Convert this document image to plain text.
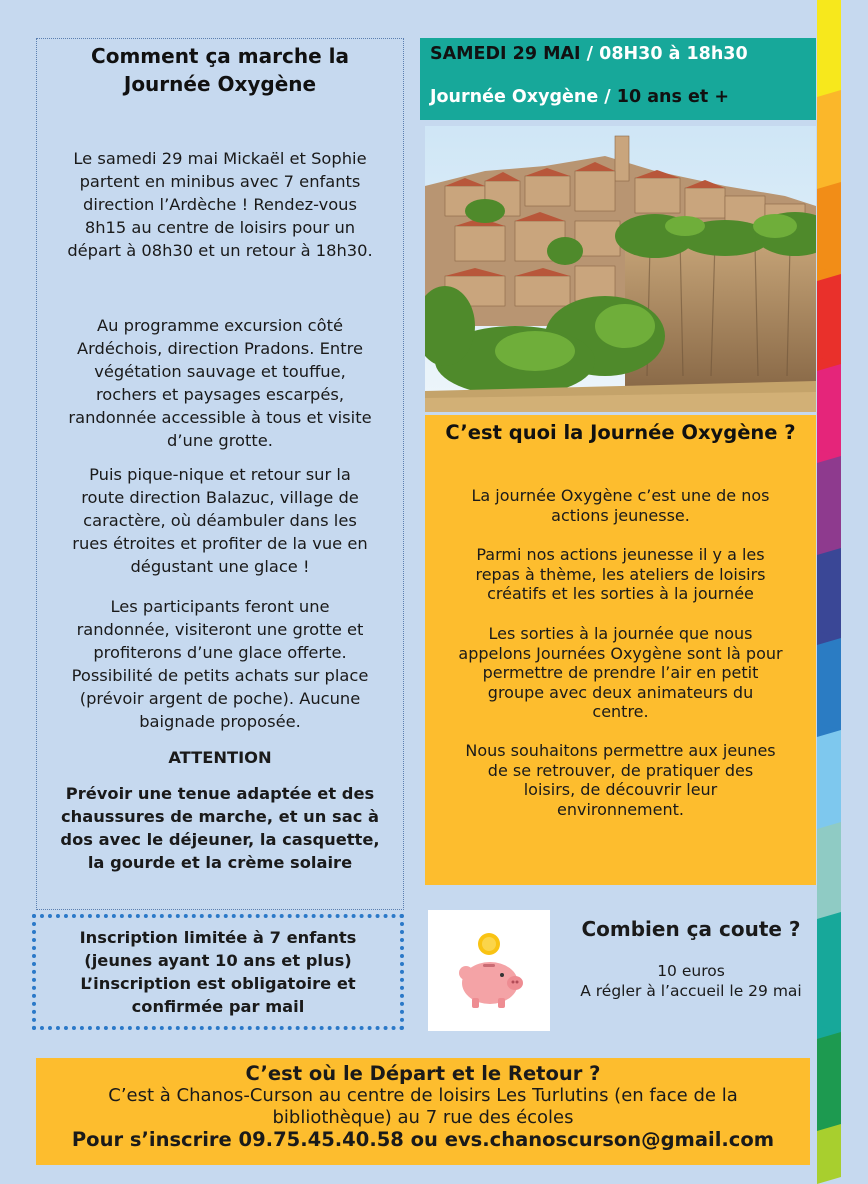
Comment ça marche la
Journée Oxygène
Le samedi 29 mai Mickaël et Sophie
partent en minibus avec 7 enfants
direction l’Ardèche ! Rendez-vous
8h15 au centre de loisirs pour un
départ à 08h30 et un retour à 18h30.
Au programme excursion côté
Ardéchois, direction Pradons. Entre
végétation sauvage et touffue,
rochers et paysages escarpés,
randonnée accessible à tous et visite
d’une grotte.
Puis pique-nique et retour sur la
route direction Balazuc, village de
caractère, où déambuler dans les
rues étroites et profiter de la vue en
dégustant une glace !
Les participants feront une
randonnée, visiteront une grotte et
profiterons d’une glace offerte.
Possibilité de petits achats sur place
(prévoir argent de poche). Aucune
baignade proposée.
ATTENTION
Prévoir une tenue adaptée et des
chaussures de marche, et un sac à
dos avec le déjeuner, la casquette,
la gourde et la crème solaire
Inscription limitée à 7 enfants
(jeunes ayant 10 ans et plus)
L’inscription est obligatoire et
confirmée par mail
SAMEDI 29 MAI / 08H30 à 18h30
Journée Oxygène / 10 ans et +
C’est quoi la Journée Oxygène ?
La journée Oxygène c’est une de nos
actions jeunesse.
Parmi nos actions jeunesse il y a les
repas à thème, les ateliers de loisirs
créatifs et les sorties à la journée
Les sorties à la journée que nous
appelons Journées Oxygène sont là pour
permettre de prendre l’air en petit
groupe avec deux animateurs du
centre.
Nous souhaitons permettre aux jeunes
de se retrouver, de pratiquer des
loisirs, de découvrir leur
environnement.
Combien ça coute ?
10 euros
A régler à l’accueil le 29 mai
C’est où le Départ et le Retour ?
C’est à Chanos-Curson au centre de loisirs Les Turlutins (en face de la
bibliothèque) au 7 rue des écoles
Pour s’inscrire 09.75.45.40.58 ou evs.chanoscurson@gmail.com
